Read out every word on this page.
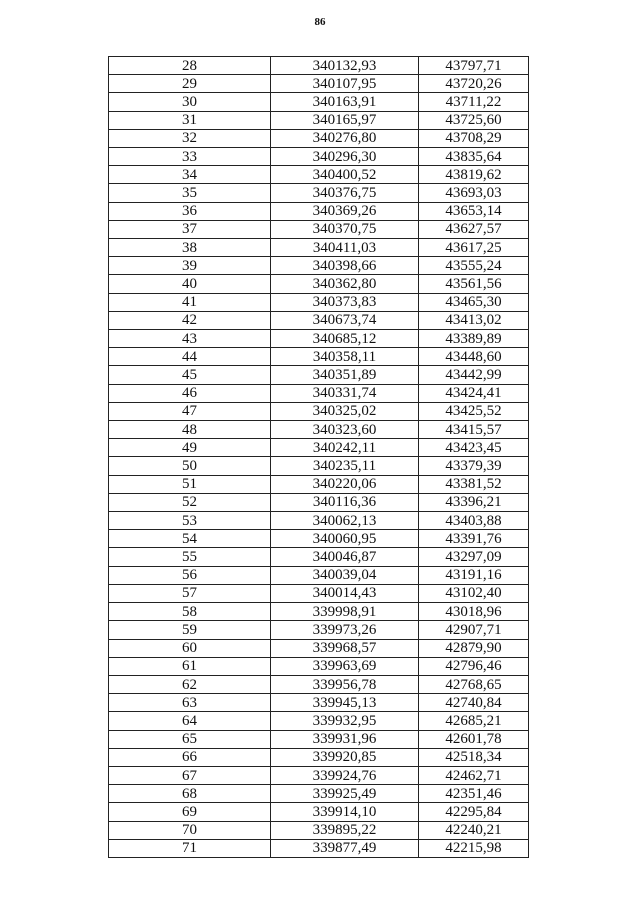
86
28	340132,93	43797,71
29	340107,95	43720,26
30	340163,91	43711,22
31	340165,97	43725,60
32	340276,80	43708,29
33	340296,30	43835,64
34	340400,52	43819,62
35	340376,75	43693,03
36	340369,26	43653,14
37	340370,75	43627,57
38	340411,03	43617,25
39	340398,66	43555,24
40	340362,80	43561,56
41	340373,83	43465,30
42	340673,74	43413,02
43	340685,12	43389,89
44	340358,11	43448,60
45	340351,89	43442,99
46	340331,74	43424,41
47	340325,02	43425,52
48	340323,60	43415,57
49	340242,11	43423,45
50	340235,11	43379,39
51	340220,06	43381,52
52	340116,36	43396,21
53	340062,13	43403,88
54	340060,95	43391,76
55	340046,87	43297,09
56	340039,04	43191,16
57	340014,43	43102,40
58	339998,91	43018,96
59	339973,26	42907,71
60	339968,57	42879,90
61	339963,69	42796,46
62	339956,78	42768,65
63	339945,13	42740,84
64	339932,95	42685,21
65	339931,96	42601,78
66	339920,85	42518,34
67	339924,76	42462,71
68	339925,49	42351,46
69	339914,10	42295,84
70	339895,22	42240,21
71	339877,49	42215,98
